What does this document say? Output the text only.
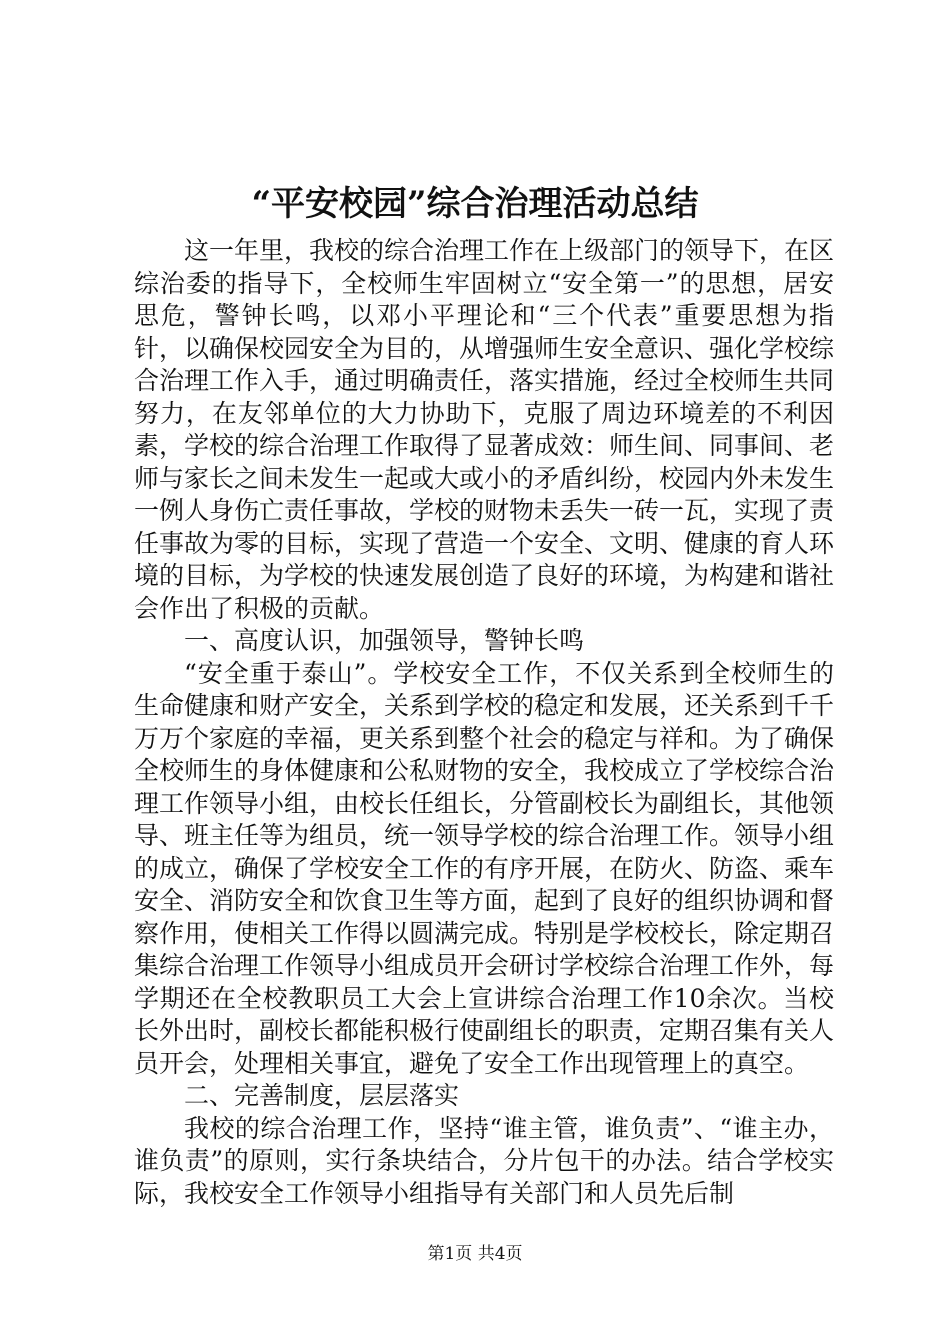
“平安校园”综合治理活动总结

这一年里，我校的综合治理工作在上级部门的领导下，在区综治委的指导下，全校师生牢固树立“安全第一”的思想，居安思危，警钟长鸣，以邓小平理论和“三个代表”重要思想为指针，以确保校园安全为目的，从增强师生安全意识、强化学校综合治理工作入手，通过明确责任，落实措施，经过全校师生共同努力，在友邻单位的大力协助下，克服了周边环境差的不利因素，学校的综合治理工作取得了显著成效：师生间、同事间、老师与家长之间未发生一起或大或小的矛盾纠纷，校园内外未发生一例人身伤亡责任事故，学校的财物未丢失一砖一瓦，实现了责任事故为零的目标，实现了营造一个安全、文明、健康的育人环境的目标，为学校的快速发展创造了良好的环境，为构建和谐社会作出了积极的贡献。

一、高度认识，加强领导，警钟长鸣

“安全重于泰山”。学校安全工作，不仅关系到全校师生的生命健康和财产安全，关系到学校的稳定和发展，还关系到千千万万个家庭的幸福，更关系到整个社会的稳定与祥和。为了确保全校师生的身体健康和公私财物的安全，我校成立了学校综合治理工作领导小组，由校长任组长，分管副校长为副组长，其他领导、班主任等为组员，统一领导学校的综合治理工作。领导小组的成立，确保了学校安全工作的有序开展，在防火、防盗、乘车安全、消防安全和饮食卫生等方面，起到了良好的组织协调和督察作用，使相关工作得以圆满完成。特别是学校校长，除定期召集综合治理工作领导小组成员开会研讨学校综合治理工作外，每学期还在全校教职员工大会上宣讲综合治理工作10余次。当校长外出时，副校长都能积极行使副组长的职责，定期召集有关人员开会，处理相关事宜，避免了安全工作出现管理上的真空。

二、完善制度，层层落实

我校的综合治理工作，坚持“谁主管，谁负责”、“谁主办，谁负责”的原则，实行条块结合，分片包干的办法。结合学校实际，我校安全工作领导小组指导有关部门和人员先后制

第1页 共4页
